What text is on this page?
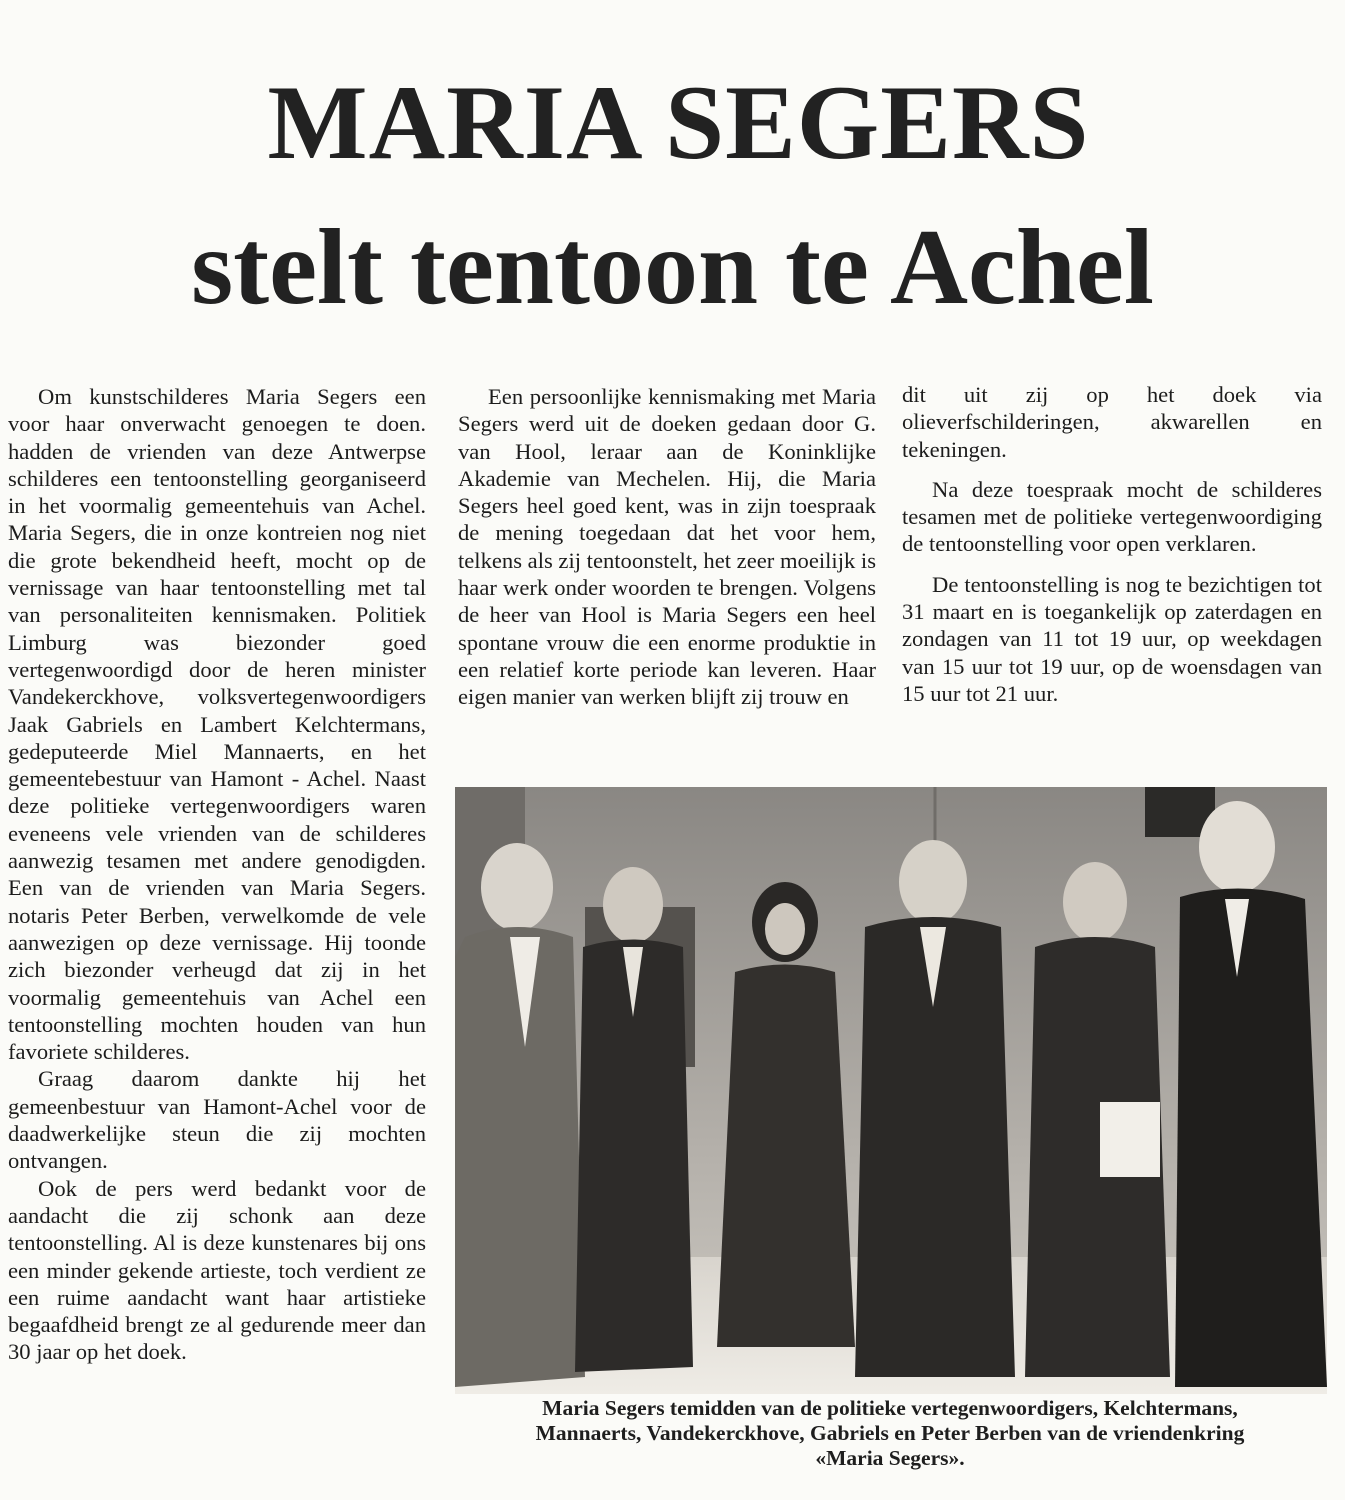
MARIA SEGERS
stelt tentoon te Achel

Om kunstschilderes Maria Segers een voor haar onverwacht genoegen te doen. hadden de vrienden van deze Antwerpse schilderes een tentoonstelling georganiseerd in het voormalig gemeentehuis van Achel. Maria Segers, die in onze kontreien nog niet die grote bekendheid heeft, mocht op de vernissage van haar tentoonstelling met tal van personaliteiten kennismaken. Politiek Limburg was biezonder goed vertegenwoordigd door de heren minister Vandekerckhove, volksvertegenwoordigers Jaak Gabriels en Lambert Kelchtermans, gedeputeerde Miel Mannaerts, en het gemeentebestuur van Hamont - Achel. Naast deze politieke vertegenwoordigers waren eveneens vele vrienden van de schilderes aanwezig tesamen met andere genodigden. Een van de vrienden van Maria Segers. notaris Peter Berben, verwelkomde de vele aanwezigen op deze vernissage. Hij toonde zich biezonder verheugd dat zij in het voormalig gemeentehuis van Achel een tentoonstelling mochten houden van hun favoriete schilderes.

Graag daarom dankte hij het gemeenbestuur van Hamont-Achel voor de daadwerkelijke steun die zij mochten ontvangen.

Ook de pers werd bedankt voor de aandacht die zij schonk aan deze tentoonstelling. Al is deze kunstenares bij ons een minder gekende artieste, toch verdient ze een ruime aandacht want haar artistieke begaafdheid brengt ze al gedurende meer dan 30 jaar op het doek.

Een persoonlijke kennismaking met Maria Segers werd uit de doeken gedaan door G. van Hool, leraar aan de Koninklijke Akademie van Mechelen. Hij, die Maria Segers heel goed kent, was in zijn toespraak de mening toegedaan dat het voor hem, telkens als zij tentoonstelt, het zeer moeilijk is haar werk onder woorden te brengen. Volgens de heer van Hool is Maria Segers een heel spontane vrouw die een enorme produktie in een relatief korte periode kan leveren. Haar eigen manier van werken blijft zij trouw en

dit uit zij op het doek via olieverfschilderingen, akwarellen en tekeningen.

Na deze toespraak mocht de schilderes tesamen met de politieke vertegenwoordiging de tentoonstelling voor open verklaren.

De tentoonstelling is nog te bezichtigen tot 31 maart en is toegankelijk op zaterdagen en zondagen van 11 tot 19 uur, op weekdagen van 15 uur tot 19 uur, op de woensdagen van 15 uur tot 21 uur.

Maria Segers temidden van de politieke vertegenwoordigers, Kelchtermans,
Mannaerts, Vandekerckhove, Gabriels en Peter Berben van de vriendenkring
«Maria Segers».
